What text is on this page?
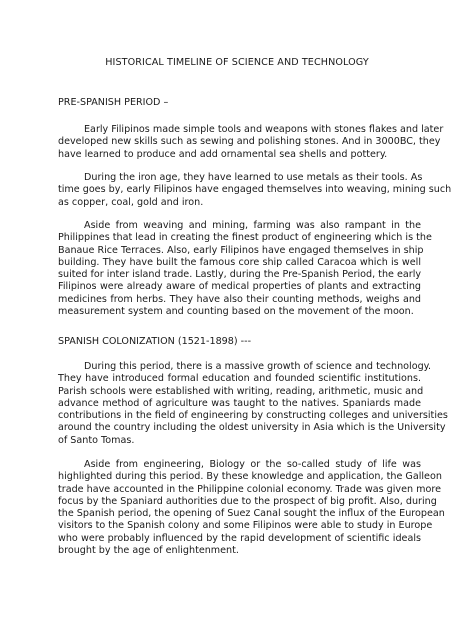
HISTORICAL TIMELINE OF SCIENCE AND TECHNOLOGY
PRE-SPANISH PERIOD –
Early Filipinos made simple tools and weapons with stones flakes and later
developed new skills such as sewing and polishing stones. And in 3000BC, they
have learned to produce and add ornamental sea shells and pottery.
During the iron age, they have learned to use metals as their tools. As
time goes by, early Filipinos have engaged themselves into weaving, mining such
as copper, coal, gold and iron.
Aside from weaving and mining, farming was also rampant in the
Philippines that lead in creating the finest product of engineering which is the
Banaue Rice Terraces. Also, early Filipinos have engaged themselves in ship
building. They have built the famous core ship called Caracoa which is well
suited for inter island trade. Lastly, during the Pre-Spanish Period, the early
Filipinos were already aware of medical properties of plants and extracting
medicines from herbs. They have also their counting methods, weighs and
measurement system and counting based on the movement of the moon.
SPANISH COLONIZATION (1521-1898) ---
During this period, there is a massive growth of science and technology.
They have introduced formal education and founded scientific institutions.
Parish schools were established with writing, reading, arithmetic, music and
advance method of agriculture was taught to the natives. Spaniards made
contributions in the field of engineering by constructing colleges and universities
around the country including the oldest university in Asia which is the University
of Santo Tomas.
Aside from engineering, Biology or the so-called study of life was
highlighted during this period. By these knowledge and application, the Galleon
trade have accounted in the Philippine colonial economy. Trade was given more
focus by the Spaniard authorities due to the prospect of big profit. Also, during
the Spanish period, the opening of Suez Canal sought the influx of the European
visitors to the Spanish colony and some Filipinos were able to study in Europe
who were probably influenced by the rapid development of scientific ideals
brought by the age of enlightenment.
